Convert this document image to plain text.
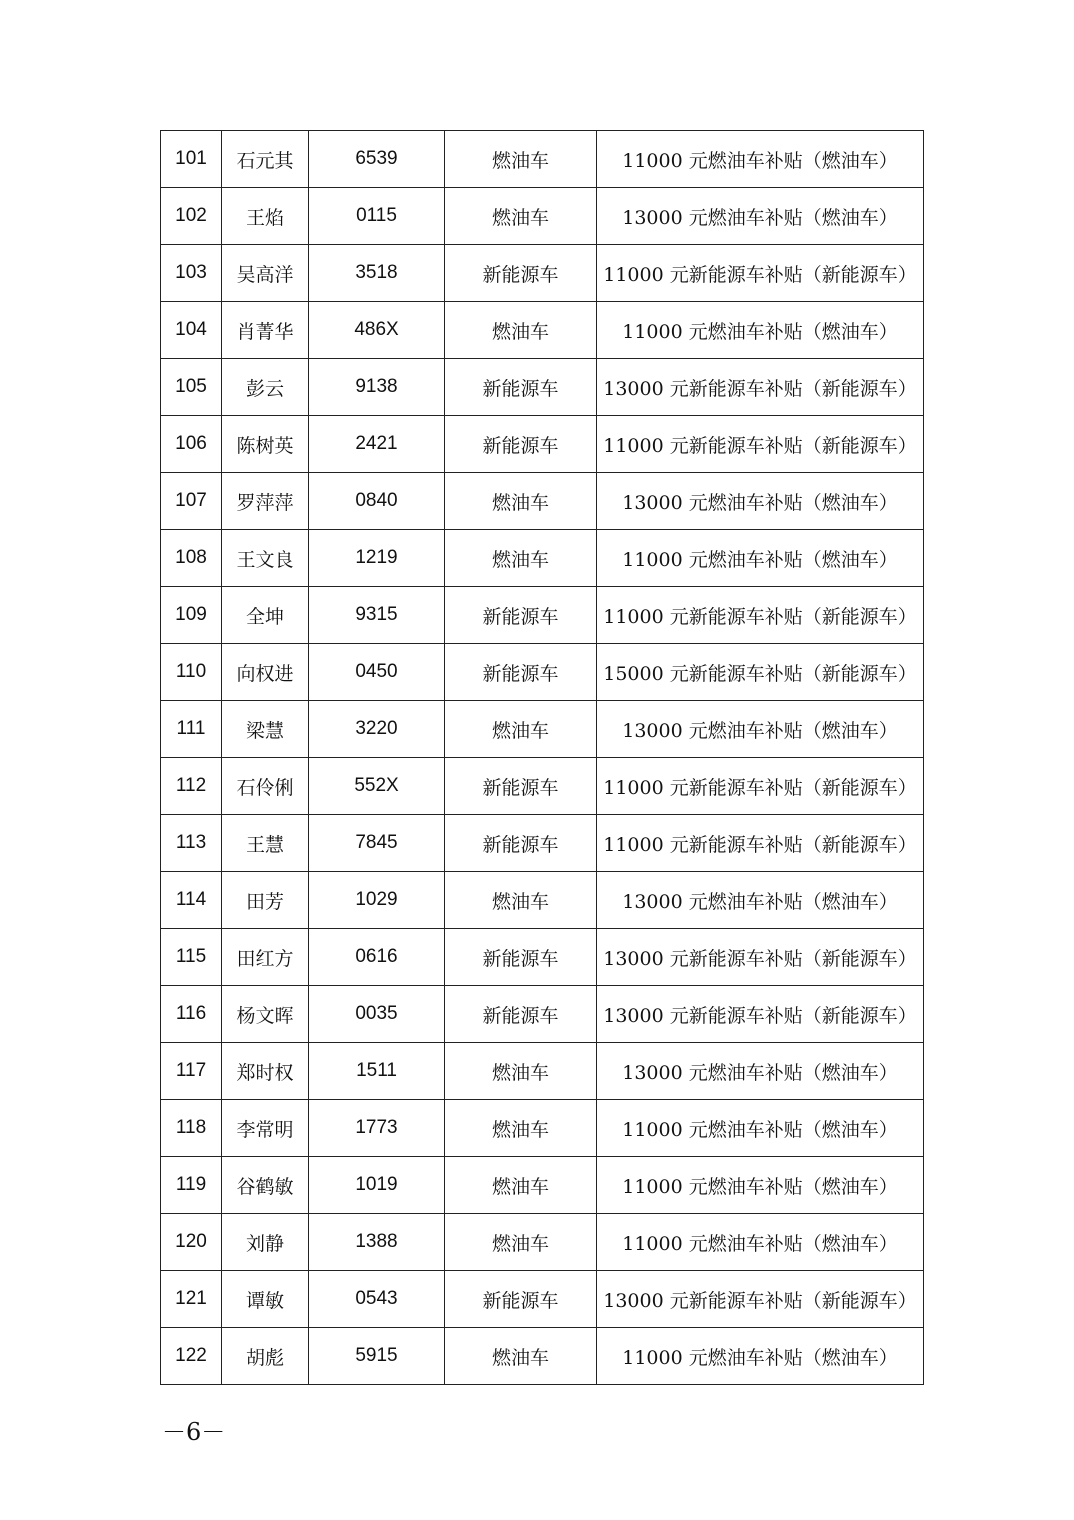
101	石元其	6539	燃油车	11000 元燃油车补贴（燃油车）
102	王焰	0115	燃油车	13000 元燃油车补贴（燃油车）
103	吴高洋	3518	新能源车	11000 元新能源车补贴（新能源车）
104	肖菁华	486X	燃油车	11000 元燃油车补贴（燃油车）
105	彭云	9138	新能源车	13000 元新能源车补贴（新能源车）
106	陈树英	2421	新能源车	11000 元新能源车补贴（新能源车）
107	罗萍萍	0840	燃油车	13000 元燃油车补贴（燃油车）
108	王文良	1219	燃油车	11000 元燃油车补贴（燃油车）
109	全坤	9315	新能源车	11000 元新能源车补贴（新能源车）
110	向权进	0450	新能源车	15000 元新能源车补贴（新能源车）
111	梁慧	3220	燃油车	13000 元燃油车补贴（燃油车）
112	石伶俐	552X	新能源车	11000 元新能源车补贴（新能源车）
113	王慧	7845	新能源车	11000 元新能源车补贴（新能源车）
114	田芳	1029	燃油车	13000 元燃油车补贴（燃油车）
115	田红方	0616	新能源车	13000 元新能源车补贴（新能源车）
116	杨文晖	0035	新能源车	13000 元新能源车补贴（新能源车）
117	郑时权	1511	燃油车	13000 元燃油车补贴（燃油车）
118	李常明	1773	燃油车	11000 元燃油车补贴（燃油车）
119	谷鹤敏	1019	燃油车	11000 元燃油车补贴（燃油车）
120	刘静	1388	燃油车	11000 元燃油车补贴（燃油车）
121	谭敏	0543	新能源车	13000 元新能源车补贴（新能源车）
122	胡彪	5915	燃油车	11000 元燃油车补贴（燃油车）
－6－
